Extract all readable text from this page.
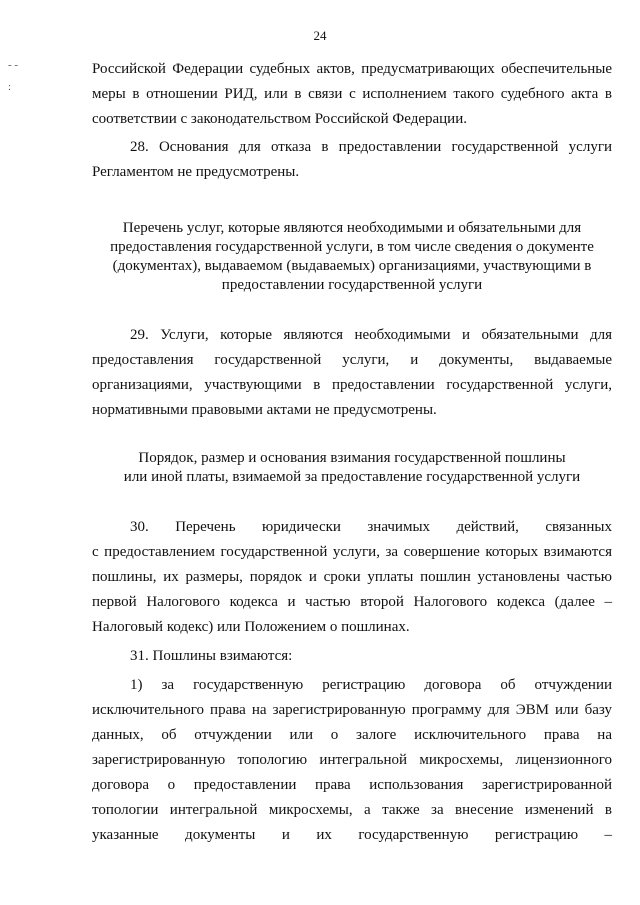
24
- -
:
Российской Федерации судебных актов, предусматривающих обеспечительные
меры в отношении РИД, или в связи с исполнением такого судебного акта в
соответствии с законодательством Российской Федерации.
28. Основания для отказа в предоставлении государственной услуги
Регламентом не предусмотрены.
Перечень услуг, которые являются необходимыми и обязательными для
предоставления государственной услуги, в том числе сведения о документе
(документах), выдаваемом (выдаваемых) организациями, участвующими в
предоставлении государственной услуги
29. Услуги, которые являются необходимыми и обязательными для
предоставления государственной услуги, и документы, выдаваемые
организациями, участвующими в предоставлении государственной услуги,
нормативными правовыми актами не предусмотрены.
Порядок, размер и основания взимания государственной пошлины
или иной платы, взимаемой за предоставление государственной услуги
30. Перечень юридически значимых действий, связанных
с предоставлением государственной услуги, за совершение которых взимаются
пошлины, их размеры, порядок и сроки уплаты пошлин установлены частью
первой Налогового кодекса и частью второй Налогового кодекса (далее –
Налоговый кодекс) или Положением о пошлинах.
31. Пошлины взимаются:
1) за государственную регистрацию договора об отчуждении
исключительного права на зарегистрированную программу для ЭВМ или базу
данных, об отчуждении или о залоге исключительного права на
зарегистрированную топологию интегральной микросхемы, лицензионного
договора о предоставлении права использования зарегистрированной
топологии интегральной микросхемы, а также за внесение изменений в
указанные документы и их государственную регистрацию –
